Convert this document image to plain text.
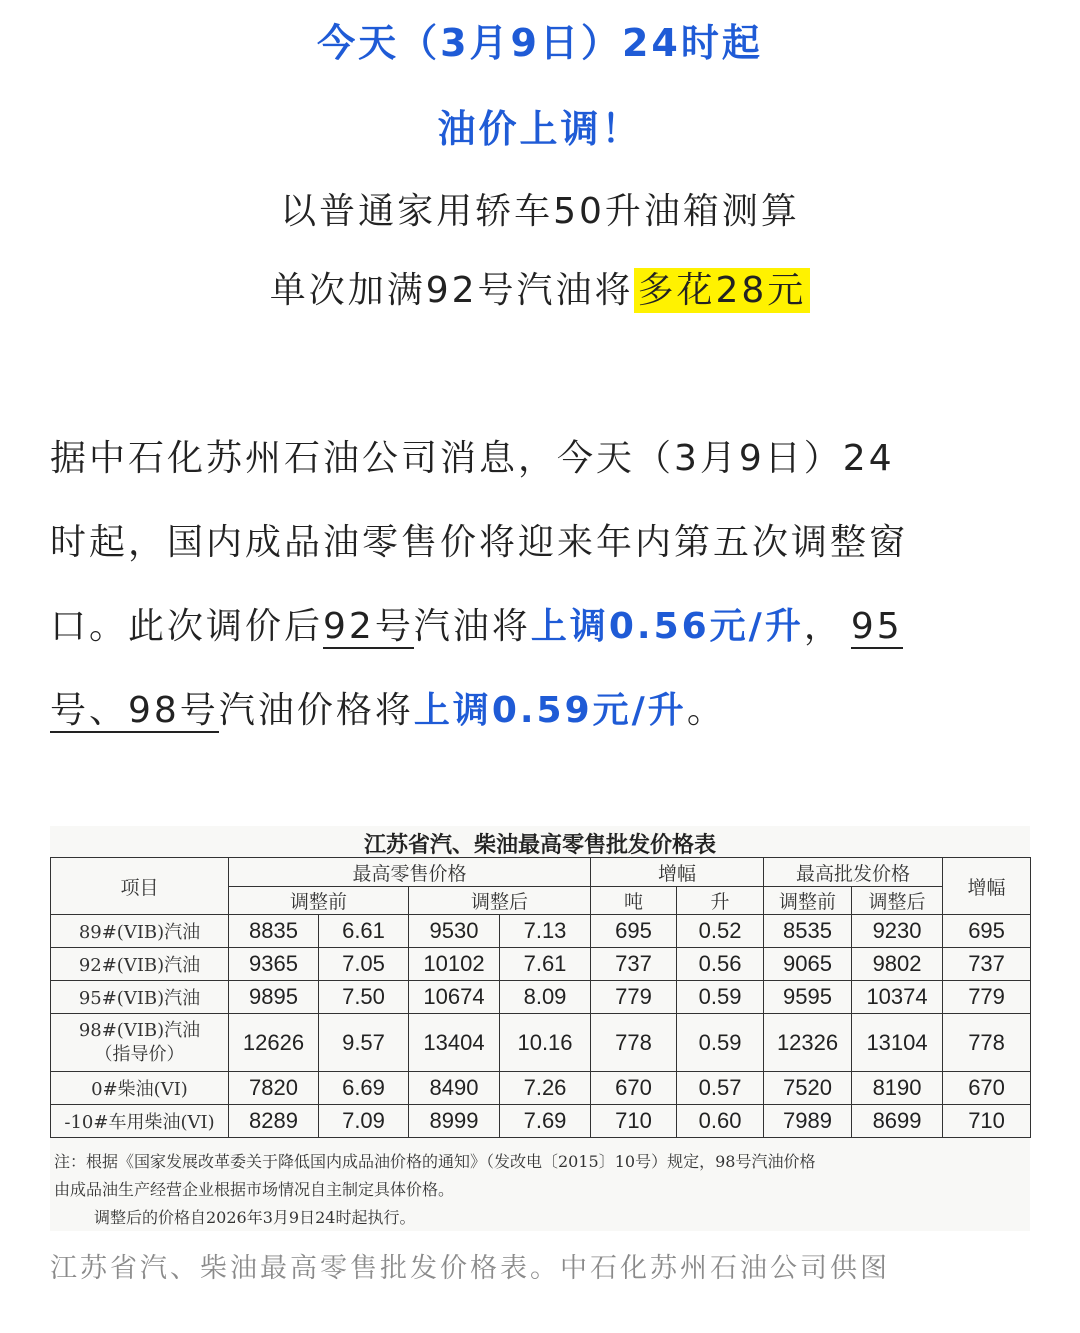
今天（3月9日）24时起
油价上调！
以普通家用轿车50升油箱测算
单次加满92号汽油将 多花28元
据中石化苏州石油公司消息，今天（3月9日）24
时起，国内成品油零售价将迎来年内第五次调整窗
口。此次调价后92号汽油将上调0.56元/升， 95
号、98号汽油价格将上调0.59元/升。
江苏省汽、柴油最高零售批发价格表
项目	最高零售价格				增幅		最高批发价格		增幅
	调整前		调整后		吨	升	调整前	调整后	
89#(VIB)汽油	8835	6.61	9530	7.13	695	0.52	8535	9230	695
92#(VIB)汽油	9365	7.05	10102	7.61	737	0.56	9065	9802	737
95#(VIB)汽油	9895	7.50	10674	8.09	779	0.59	9595	10374	779
98#(VIB)汽油
（指导价）	12626	9.57	13404	10.16	778	0.59	12326	13104	778
0#柴油(VI)	7820	6.69	8490	7.26	670	0.57	7520	8190	670
-10#车用柴油(VI)	8289	7.09	8999	7.69	710	0.60	7989	8699	710
注：根据《国家发展改革委关于降低国内成品油价格的通知》（发改电〔2015〕10号）规定，98号汽油价格
由成品油生产经营企业根据市场情况自主制定具体价格。
调整后的价格自2026年3月9日24时起执行。
江苏省汽、柴油最高零售批发价格表。中石化苏州石油公司供图
